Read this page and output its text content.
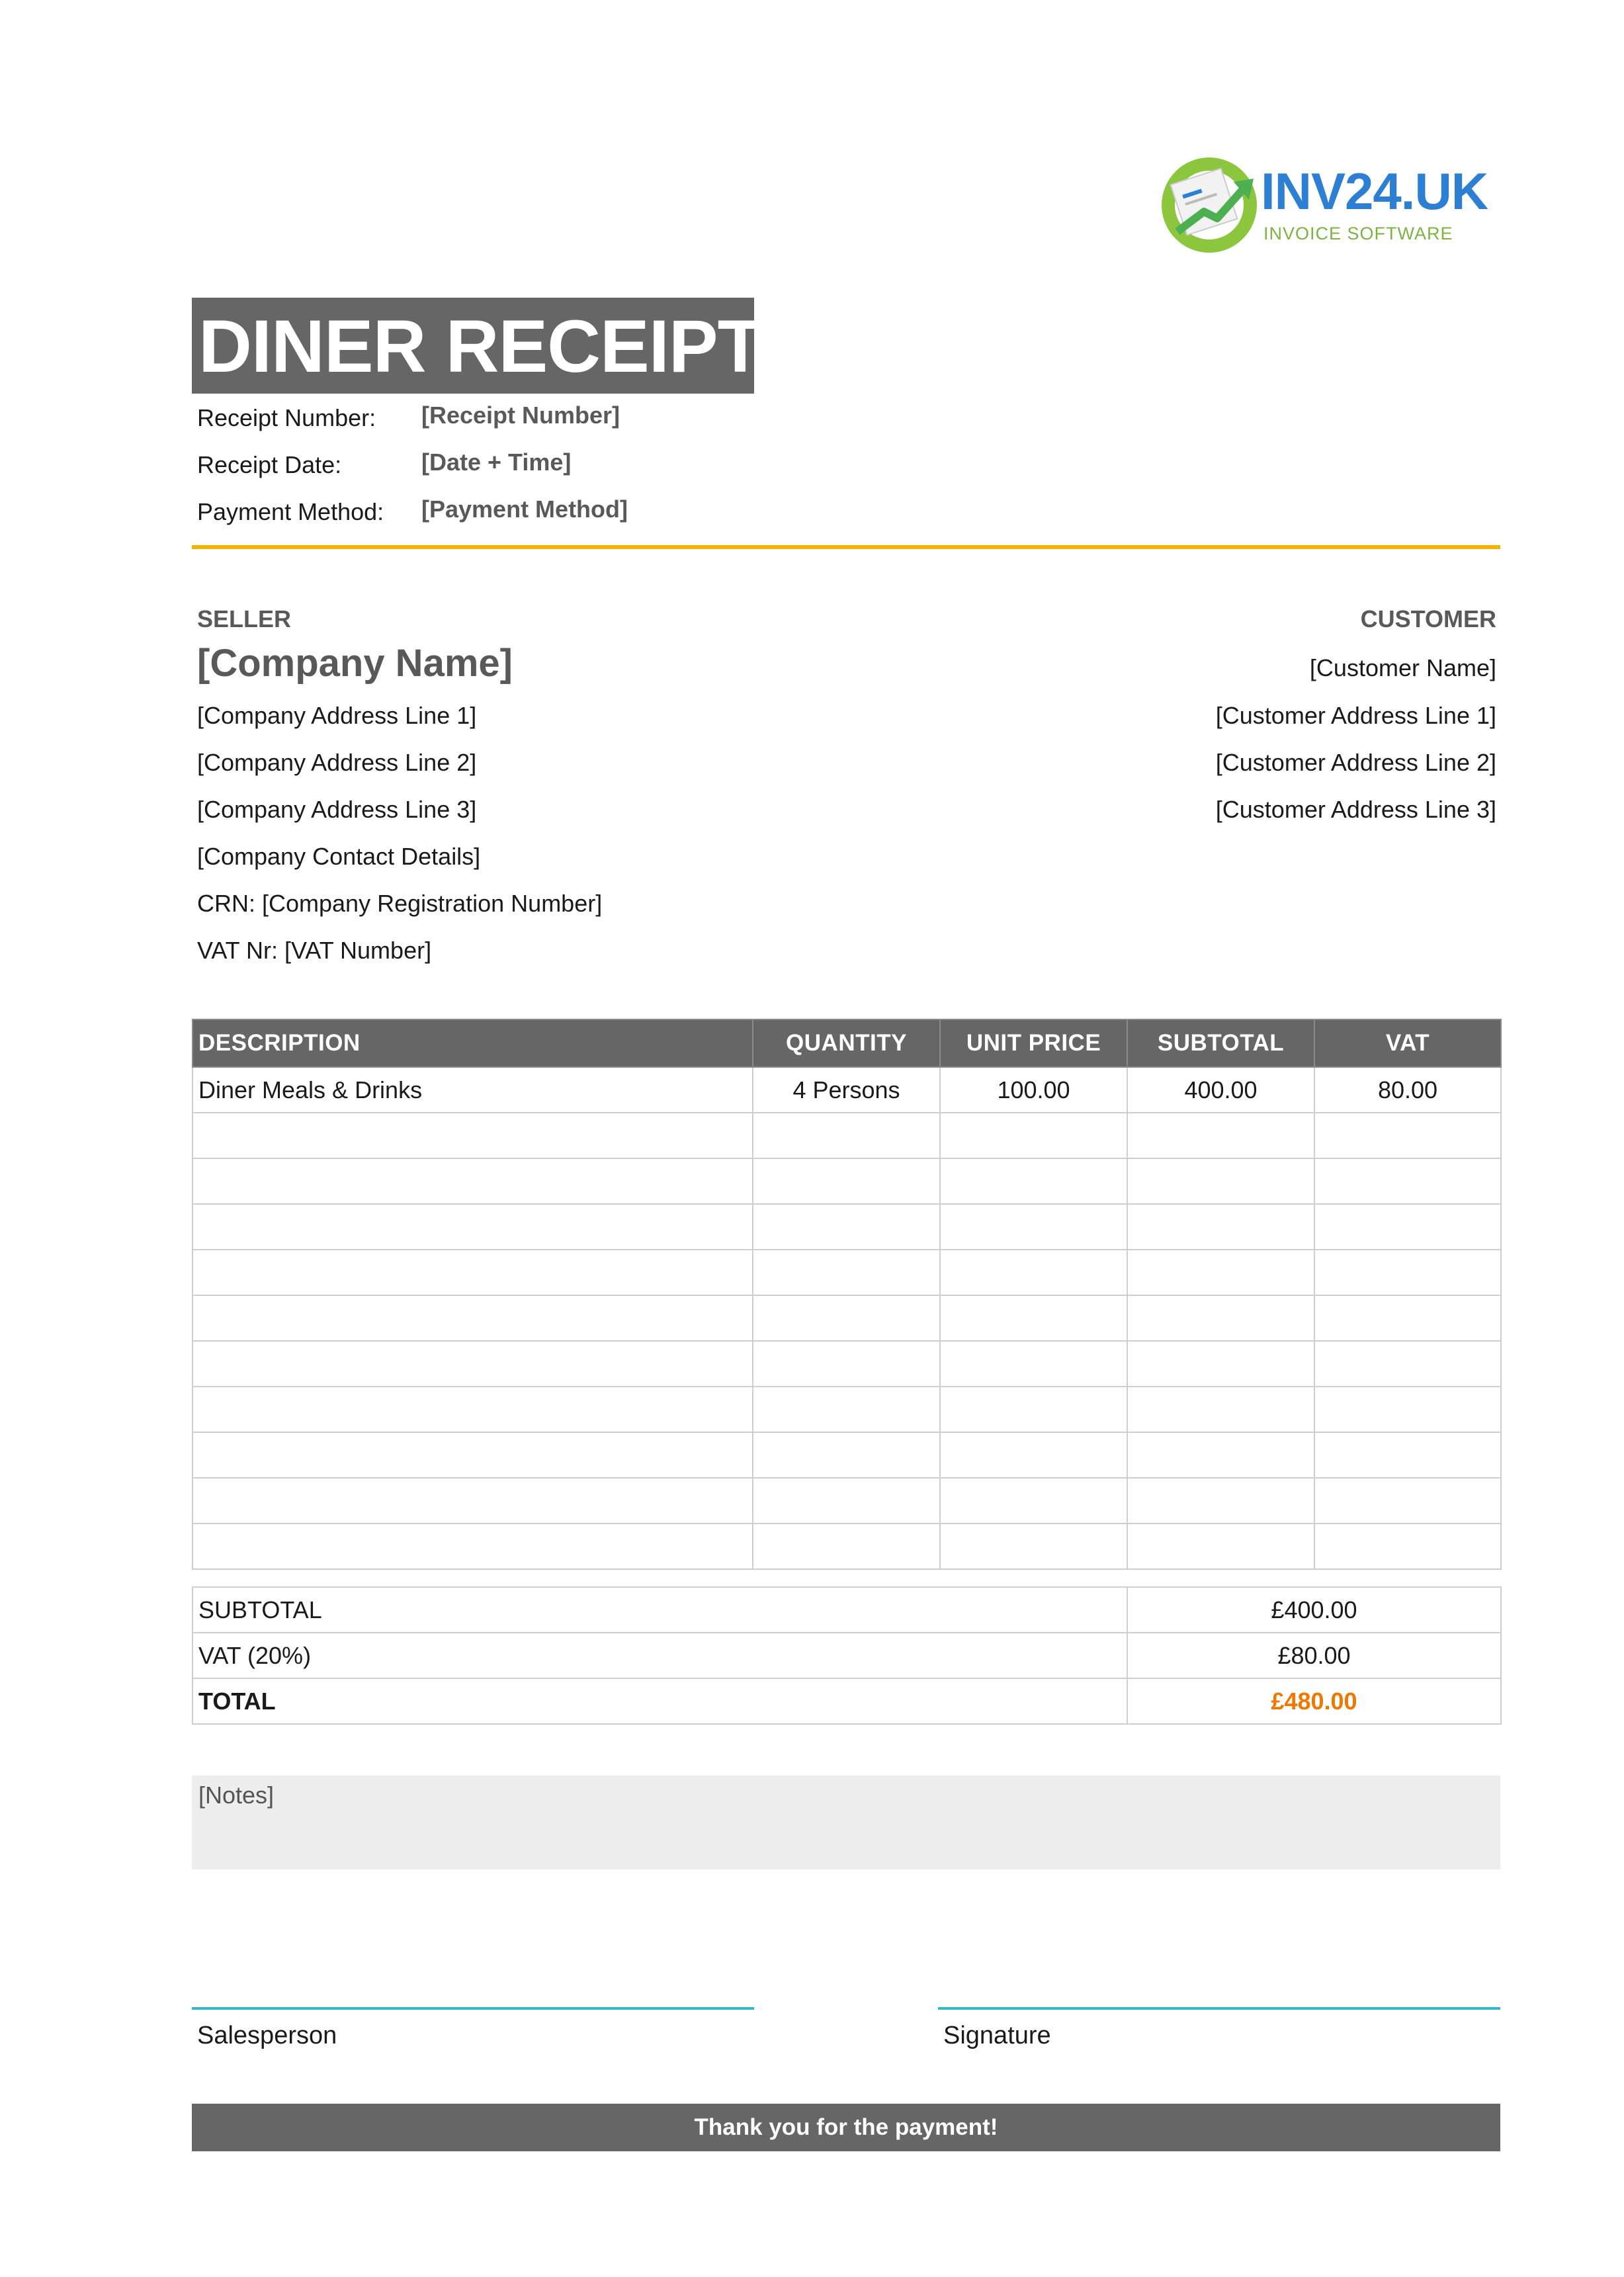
INV24.UK
INVOICE SOFTWARE
DINER RECEIPT
Receipt Number: [Receipt Number]
Receipt Date:	[Date + Time]
Payment Method: [Payment Method]
SELLER
[Company Name]
[Company Address Line 1]
[Company Address Line 2]
[Company Address Line 3]
[Company Contact Details]
CRN: [Company Registration Number]
VAT Nr: [VAT Number]
CUSTOMER
[Customer Name]
[Customer Address Line 1]
[Customer Address Line 2]
[Customer Address Line 3]
DESCRIPTION	QUANTITY	UNIT PRICE	SUBTOTAL	VAT
Diner Meals & Drinks	4 Persons	100.00	400.00	80.00

SUBTOTAL	£400.00
VAT (20%)	£80.00
TOTAL	£480.00
[Notes]
Salesperson	Signature
Thank you for the payment!
